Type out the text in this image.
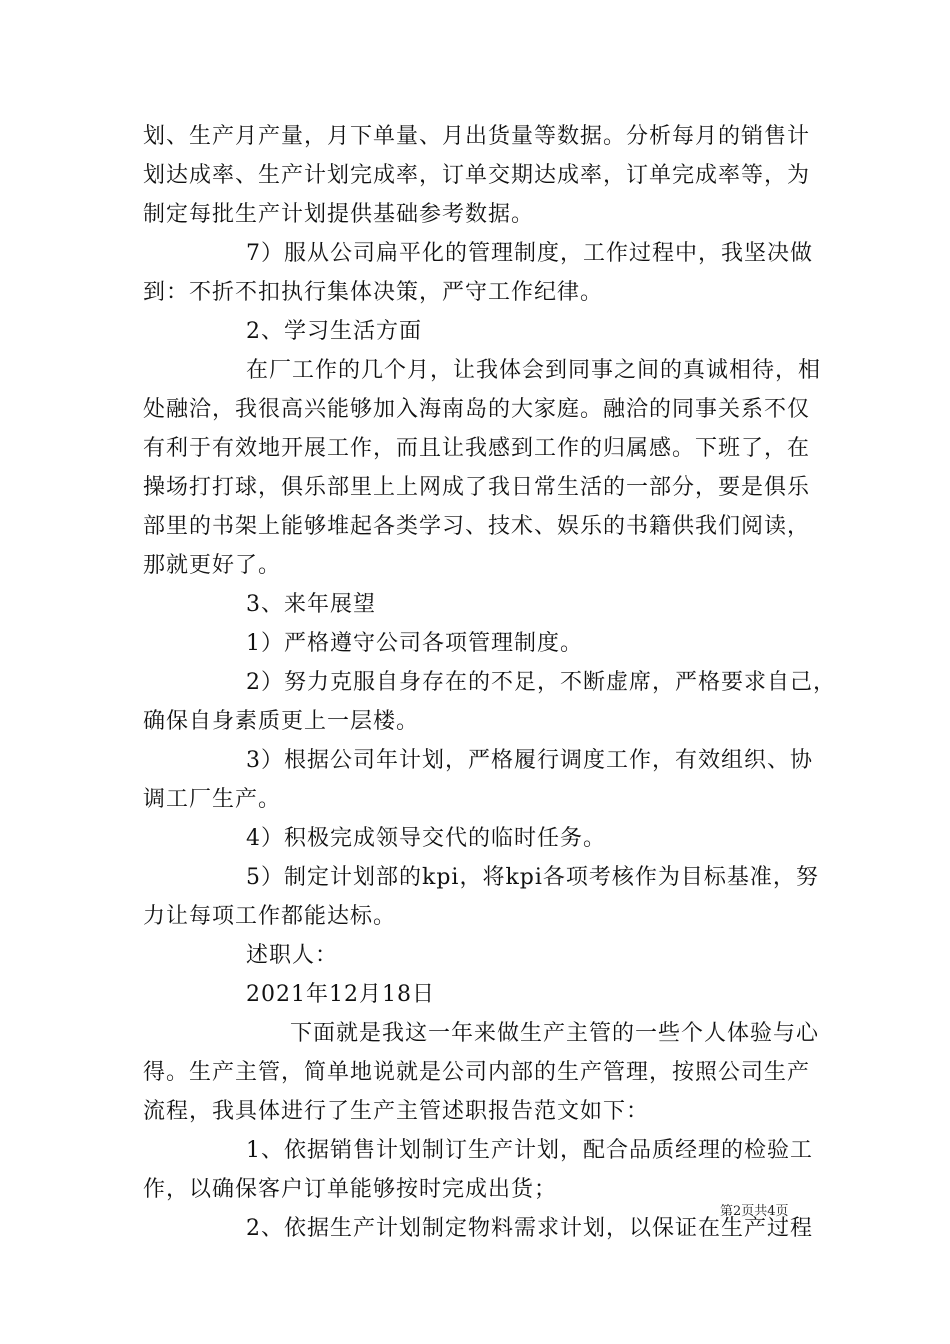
划、生产月产量，月下单量、月出货量等数据。分析每月的销售计
划达成率、生产计划完成率，订单交期达成率，订单完成率等，为
制定每批生产计划提供基础参考数据。
7）服从公司扁平化的管理制度，工作过程中，我坚决做
到：不折不扣执行集体决策，严守工作纪律。
2、学习生活方面
在厂工作的几个月，让我体会到同事之间的真诚相待，相
处融洽，我很高兴能够加入海南岛的大家庭。融洽的同事关系不仅
有利于有效地开展工作，而且让我感到工作的归属感。下班了，在
操场打打球，俱乐部里上上网成了我日常生活的一部分，要是俱乐
部里的书架上能够堆起各类学习、技术、娱乐的书籍供我们阅读，
那就更好了。
3、来年展望
1）严格遵守公司各项管理制度。
2）努力克服自身存在的不足，不断虚席，严格要求自己，
确保自身素质更上一层楼。
3）根据公司年计划，严格履行调度工作，有效组织、协
调工厂生产。
4）积极完成领导交代的临时任务。
5）制定计划部的kpi，将kpi各项考核作为目标基准，努
力让每项工作都能达标。
述职人：
2021年12月18日
下面就是我这一年来做生产主管的一些个人体验与心
得。生产主管，简单地说就是公司内部的生产管理，按照公司生产
流程，我具体进行了生产主管述职报告范文如下：
1、依据销售计划制订生产计划，配合品质经理的检验工
作，以确保客户订单能够按时完成出货；
2、依据生产计划制定物料需求计划，以保证在生产过程
第2页共4页
